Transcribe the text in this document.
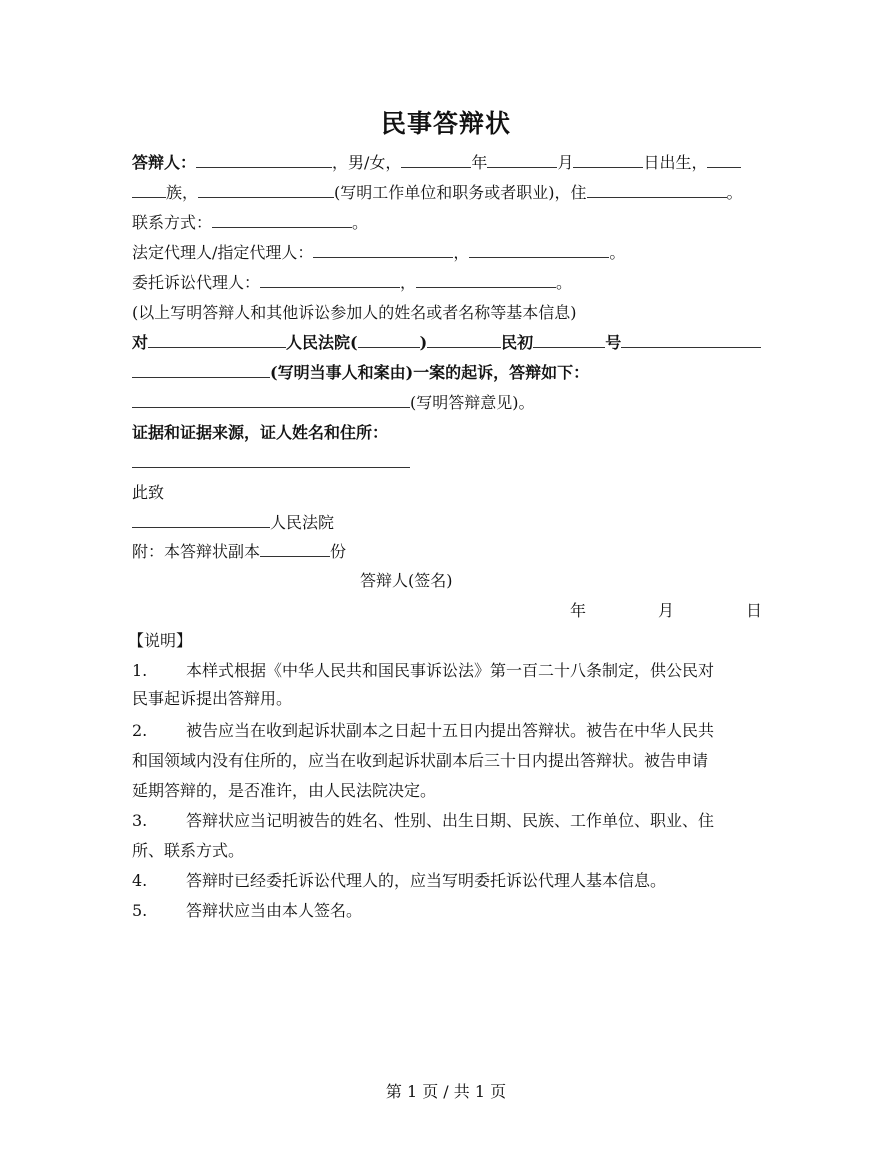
民事答辩状
答辩人：	，男/女，	年	月	日出生，
族，	(写明工作单位和职务或者职业)，住	。
联系方式：	。
法定代理人/指定代理人：	，	。
委托诉讼代理人：	，	。
(以上写明答辩人和其他诉讼参加人的姓名或者名称等基本信息)
对	人民法院(	)	民初	号
(写明当事人和案由)一案的起诉，答辩如下：
(写明答辩意见)。
证据和证据来源，证人姓名和住所：
此致
人民法院
附：本答辩状副本	份
答辩人(签名)
年	月	日
【说明】
1. 本样式根据《中华人民共和国民事诉讼法》第一百二十八条制定，供公民对
民事起诉提出答辩用。
2. 被告应当在收到起诉状副本之日起十五日内提出答辩状。被告在中华人民共
和国领域内没有住所的，应当在收到起诉状副本后三十日内提出答辩状。被告申请
延期答辩的，是否准许，由人民法院决定。
3. 答辩状应当记明被告的姓名、性别、出生日期、民族、工作单位、职业、住
所、联系方式。
4. 答辩时已经委托诉讼代理人的，应当写明委托诉讼代理人基本信息。
5. 答辩状应当由本人签名。
第 1 页 / 共 1 页
